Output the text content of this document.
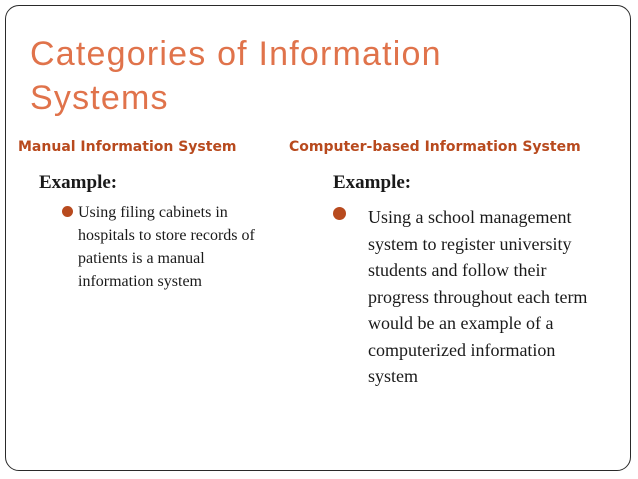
Categories of Information Systems
Manual Information System	Computer-based Information System
Example:	Example:
Using filing cabinets in hospitals to store records of patients is a manual information system
Using a school management system to register university students and follow their progress throughout each term would be an example of a computerized information system
